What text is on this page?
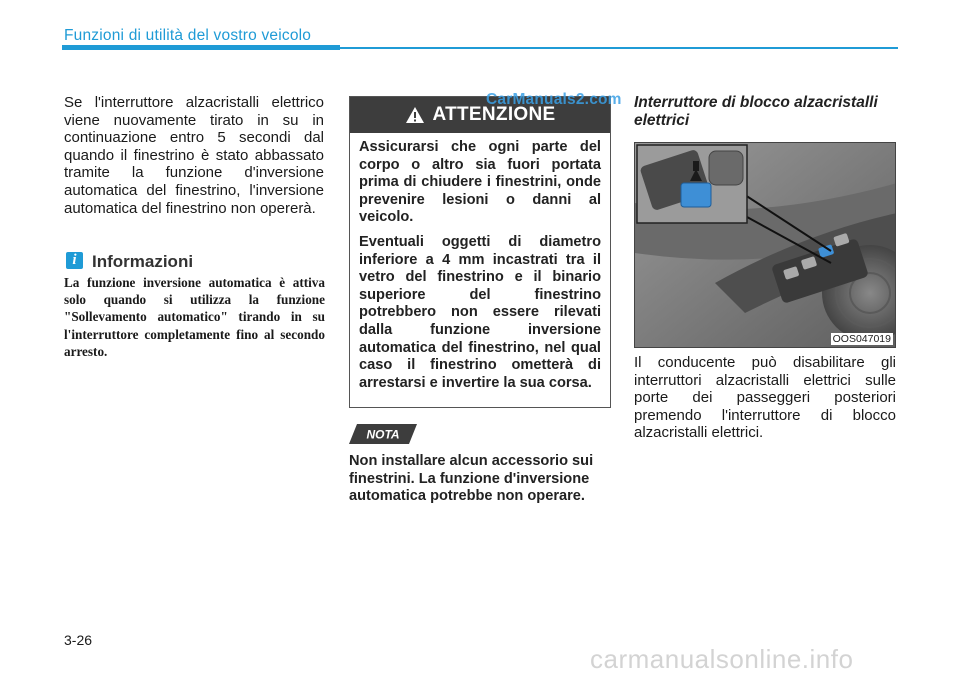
Funzioni di utilità del vostro veicolo
Se l'interruttore alzacristalli elettrico viene nuovamente tirato in su in continuazione entro 5 secondi dal quando il finestrino è stato abbassato tramite la funzione d'inversione automatica del finestrino, l'inversione automatica del finestrino non opererà.
i Informazioni
La funzione inversione automatica è attiva solo quando si utilizza la funzione "Sollevamento automatico" tirando in su l'interruttore completamente fino al secondo arresto.
ATTENZIONE

Assicurarsi che ogni parte del corpo o altro sia fuori portata prima di chiudere i finestrini, onde prevenire lesioni o danni al veicolo.

Eventuali oggetti di diametro inferiore a 4 mm incastrati tra il vetro del finestrino e il binario superiore del finestrino potrebbero non essere rilevati dalla funzione inversione automatica del finestrino, nel qual caso il finestrino ometterà di arrestarsi e invertire la sua corsa.

CarManuals2.com
NOTA
Non installare alcun accessorio sui finestrini. La funzione d'inversione automatica potrebbe non operare.
Interruttore di blocco alzacristalli elettrici
OOS047019
Il conducente può disabilitare gli interruttori alzacristalli elettrici sulle porte dei passeggeri posteriori premendo l'interruttore di blocco alzacristalli elettrici.
3-26
carmanualsonline.info
